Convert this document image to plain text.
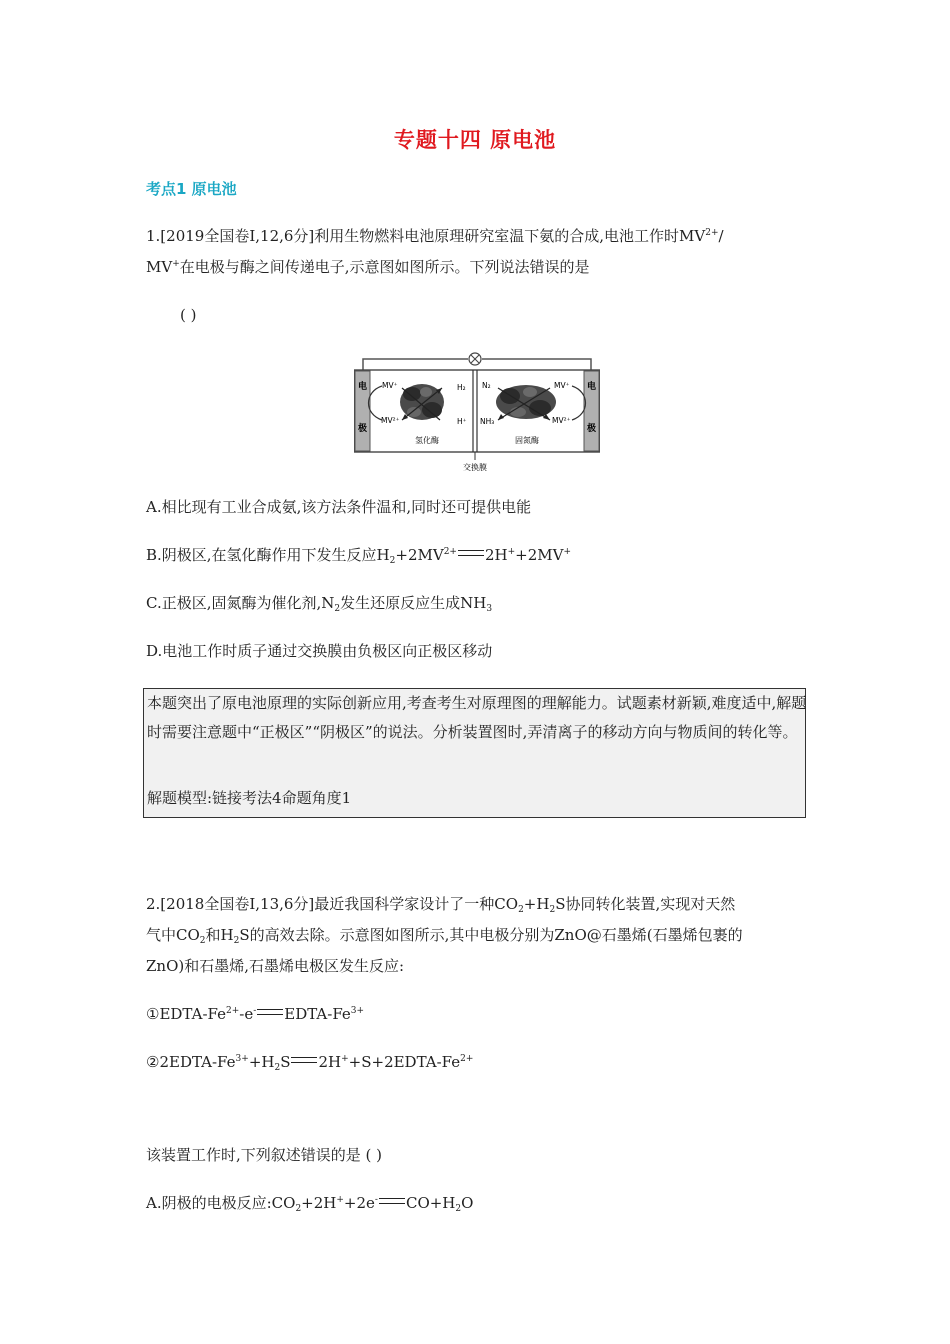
专题十四 原电池
考点1 原电池
1.[2019全国卷Ⅰ,12,6分]利用生物燃料电池原理研究室温下氨的合成,电池工作时$MV^{2+}/$
MV+在电极与酶之间传递电子,示意图如图所示。下列说法错误的是
( )
电
极
电
极
MV⁺
MV²⁺
MV⁺
MV²⁺
H₂
H⁺
N₂
NH₃
氢化酶	固氮酶
交换膜
A.相比现有工业合成氨,该方法条件温和,同时还可提供电能
B.阴极区,在氢化酶作用下发生反应$H_2+2MV^{2+}$ 2H++2MV+
C.正极区,固氮酶为催化剂$,N_2$发生还原反应生成$NH_3$
D.电池工作时质子通过交换膜由负极区向正极区移动
本题突出了原电池原理的实际创新应用,考查考生对原理图的理解能力。试题素材新颖,难度适中,解题时需要注意题中“正极区”“阴极区”的说法。分析装置图时,弄清离子的移动方向与物质间的转化等。
解题模型:链接考法4命题角度1
2.[2018全国卷Ⅰ,13,6分]最近我国科学家设计了一种$CO_2+H_2S$协同转化装置,实现对天然
气中$CO_2$和$H_2S$的高效去除。示意图如图所示,其中电极分别为ZnO@石墨烯(石墨烯包裹的
ZnO)和石墨烯,石墨烯电极区发生反应:
①EDTA-$Fe^{2+}-e^-$ EDTA-$Fe^{3+}$
$②2EDTA-Fe^{3+}+H_2S$ $2H^++S+2EDTA-Fe^{2+}$
该装置工作时,下列叙述错误的是 ( )
A.阴极的电极反应$:CO_2+2H^++2e^-$ $CO+H_2O$
